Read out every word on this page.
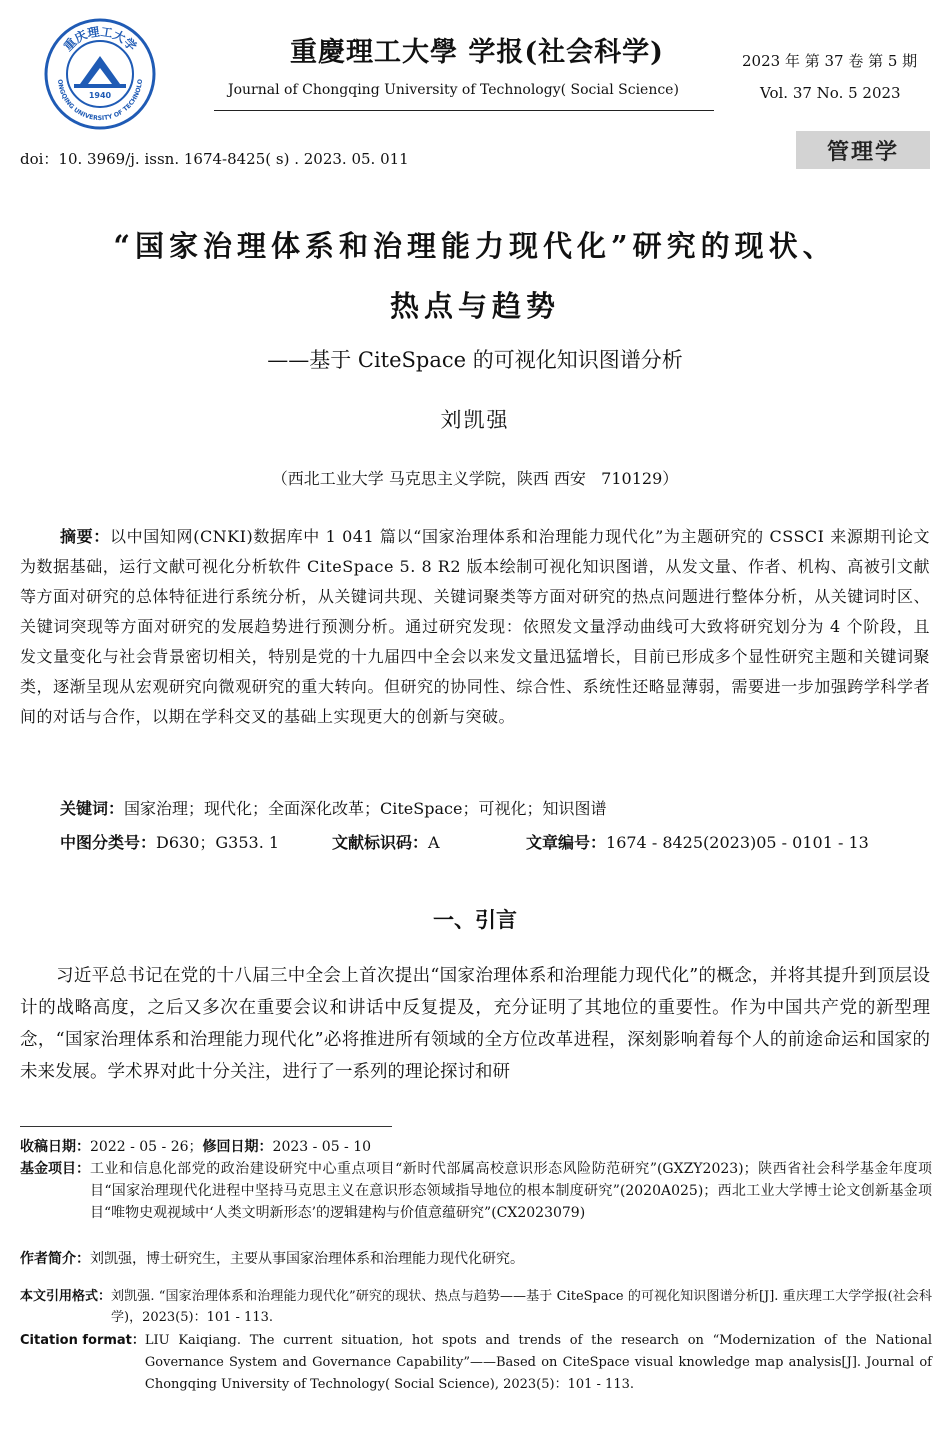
重庆理工大学
ONGQING UNIVERSITY OF TECHNOLO
1940
重慶理工大學 学报(社会科学)
Journal of Chongqing University of Technology( Social Science)
2023 年 第 37 卷 第 5 期
Vol. 37 No. 5 2023
doi：10. 3969/j. issn. 1674-8425( s) . 2023. 05. 011	管理学
“国家治理体系和治理能力现代化”研究的现状、
热点与趋势
——基于 CiteSpace 的可视化知识图谱分析
刘凯强
（西北工业大学 马克思主义学院，陕西 西安   710129）
摘要：以中国知网(CNKI)数据库中 1 041 篇以“国家治理体系和治理能力现代化”为主题研究的 CSSCI 来源期刊论文为数据基础，运行文献可视化分析软件 CiteSpace 5. 8 R2 版本绘制可视化知识图谱，从发文量、作者、机构、高被引文献等方面对研究的总体特征进行系统分析，从关键词共现、关键词聚类等方面对研究的热点问题进行整体分析，从关键词时区、关键词突现等方面对研究的发展趋势进行预测分析。通过研究发现：依照发文量浮动曲线可大致将研究划分为 4 个阶段，且发文量变化与社会背景密切相关，特别是党的十九届四中全会以来发文量迅猛增长，目前已形成多个显性研究主题和关键词聚类，逐渐呈现从宏观研究向微观研究的重大转向。但研究的协同性、综合性、系统性还略显薄弱，需要进一步加强跨学科学者间的对话与合作，以期在学科交叉的基础上实现更大的创新与突破。
关键词：国家治理；现代化；全面深化改革；CiteSpace；可视化；知识图谱
中图分类号：D630；G353. 1	文献标识码：A	文章编号：1674 - 8425(2023)05 - 0101 - 13
一、引言
习近平总书记在党的十八届三中全会上首次提出“国家治理体系和治理能力现代化”的概念，并将其提升到顶层设计的战略高度，之后又多次在重要会议和讲话中反复提及，充分证明了其地位的重要性。作为中国共产党的新型理念，“国家治理体系和治理能力现代化”必将推进所有领域的全方位改革进程，深刻影响着每个人的前途命运和国家的未来发展。学术界对此十分关注，进行了一系列的理论探讨和研
收稿日期：2022 - 05 - 26；修回日期：2023 - 05 - 10
基金项目： 工业和信息化部党的政治建设研究中心重点项目“新时代部属高校意识形态风险防范研究”(GXZY2023)；陕西省社会科学基金年度项目“国家治理现代化进程中坚持马克思主义在意识形态领域指导地位的根本制度研究”(2020A025)；西北工业大学博士论文创新基金项目“唯物史观视域中‘人类文明新形态’的逻辑建构与价值意蕴研究”(CX2023079)
作者简介：刘凯强，博士研究生，主要从事国家治理体系和治理能力现代化研究。
本文引用格式： 刘凯强. “国家治理体系和治理能力现代化”研究的现状、热点与趋势——基于 CiteSpace 的可视化知识图谱分析[J]. 重庆理工大学学报(社会科学)，2023(5)：101 - 113.
Citation format： LIU Kaiqiang. The current situation, hot spots and trends of the research on “Modernization of the National Governance System and Governance Capability”——Based on CiteSpace visual knowledge map analysis[J]. Journal of Chongqing University of Technology( Social Science), 2023(5)：101 - 113.
